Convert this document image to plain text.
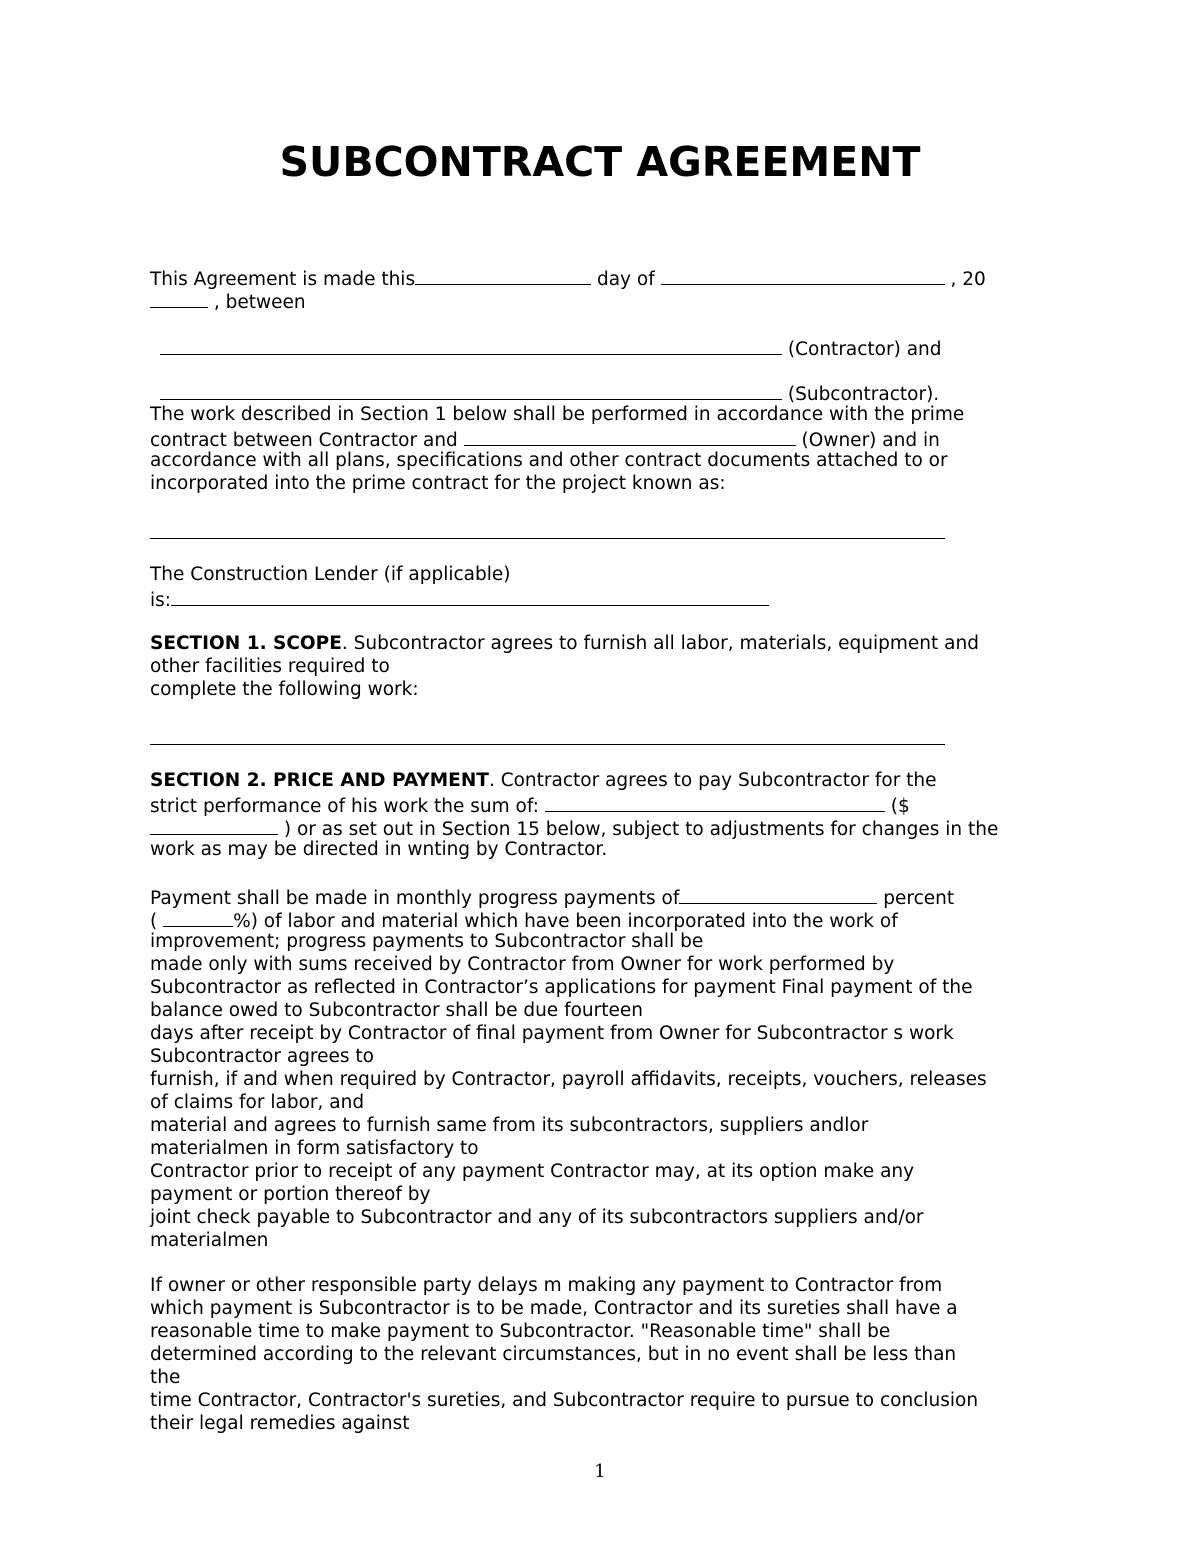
SUBCONTRACT AGREEMENT
This Agreement is made this	day of	, 20
, between
(Contractor) and
(Subcontractor).
The work described in Section 1 below shall be performed in accordance with the prime
contract between Contractor and	(Owner) and in
accordance with all plans, specifications and other contract documents attached to or
incorporated into the prime contract for the project known as:
The Construction Lender (if applicable)
is:
SECTION 1. SCOPE. Subcontractor agrees to furnish all labor, materials, equipment and
other facilities required to
complete the following work:
SECTION 2. PRICE AND PAYMENT. Contractor agrees to pay Subcontractor for the
strict performance of his work the sum of:	($
) or as set out in Section 15 below, subject to adjustments for changes in the
work as may be directed in wnting by Contractor.
Payment shall be made in monthly progress payments of	percent
(	%) of labor and material which have been incorporated into the work of
improvement; progress payments to Subcontractor shall be
made only with sums received by Contractor from Owner for work performed by
Subcontractor as reflected in Contractor’s applications for payment Final payment of the
balance owed to Subcontractor shall be due fourteen
days after receipt by Contractor of final payment from Owner for Subcontractor s work
Subcontractor agrees to
furnish, if and when required by Contractor, payroll affidavits, receipts, vouchers, releases
of claims for labor, and
material and agrees to furnish same from its subcontractors, suppliers andlor
materialmen in form satisfactory to
Contractor prior to receipt of any payment Contractor may, at its option make any
payment or portion thereof by
joint check payable to Subcontractor and any of its subcontractors suppliers and/or
materialmen
If owner or other responsible party delays m making any payment to Contractor from
which payment is Subcontractor is to be made, Contractor and its sureties shall have a
reasonable time to make payment to Subcontractor. "Reasonable time" shall be
determined according to the relevant circumstances, but in no event shall be less than
the
time Contractor, Contractor's sureties, and Subcontractor require to pursue to conclusion
their legal remedies against
1
